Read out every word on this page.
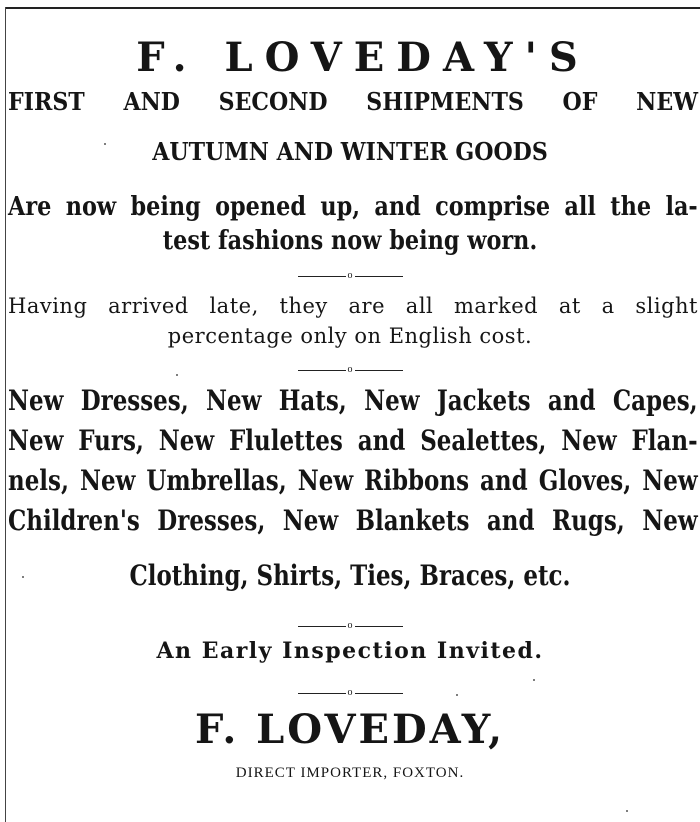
F. LOVEDAY'S
FIRST AND SECOND SHIPMENTS OF NEW
AUTUMN AND WINTER GOODS
Are now being opened up, and comprise all the la-
test fashions now being worn.
o
Having arrived late, they are all marked at a slight
percentage only on English cost.
o
New Dresses, New Hats, New Jackets and Capes,
New Furs, New Flulettes and Sealettes, New Flan-
nels, New Umbrellas, New Ribbons and Gloves, New
Children's Dresses, New Blankets and Rugs, New
Clothing, Shirts, Ties, Braces, etc.
o
An Early Inspection Invited.
o
F. LOVEDAY,
DIRECT IMPORTER, FOXTON.
